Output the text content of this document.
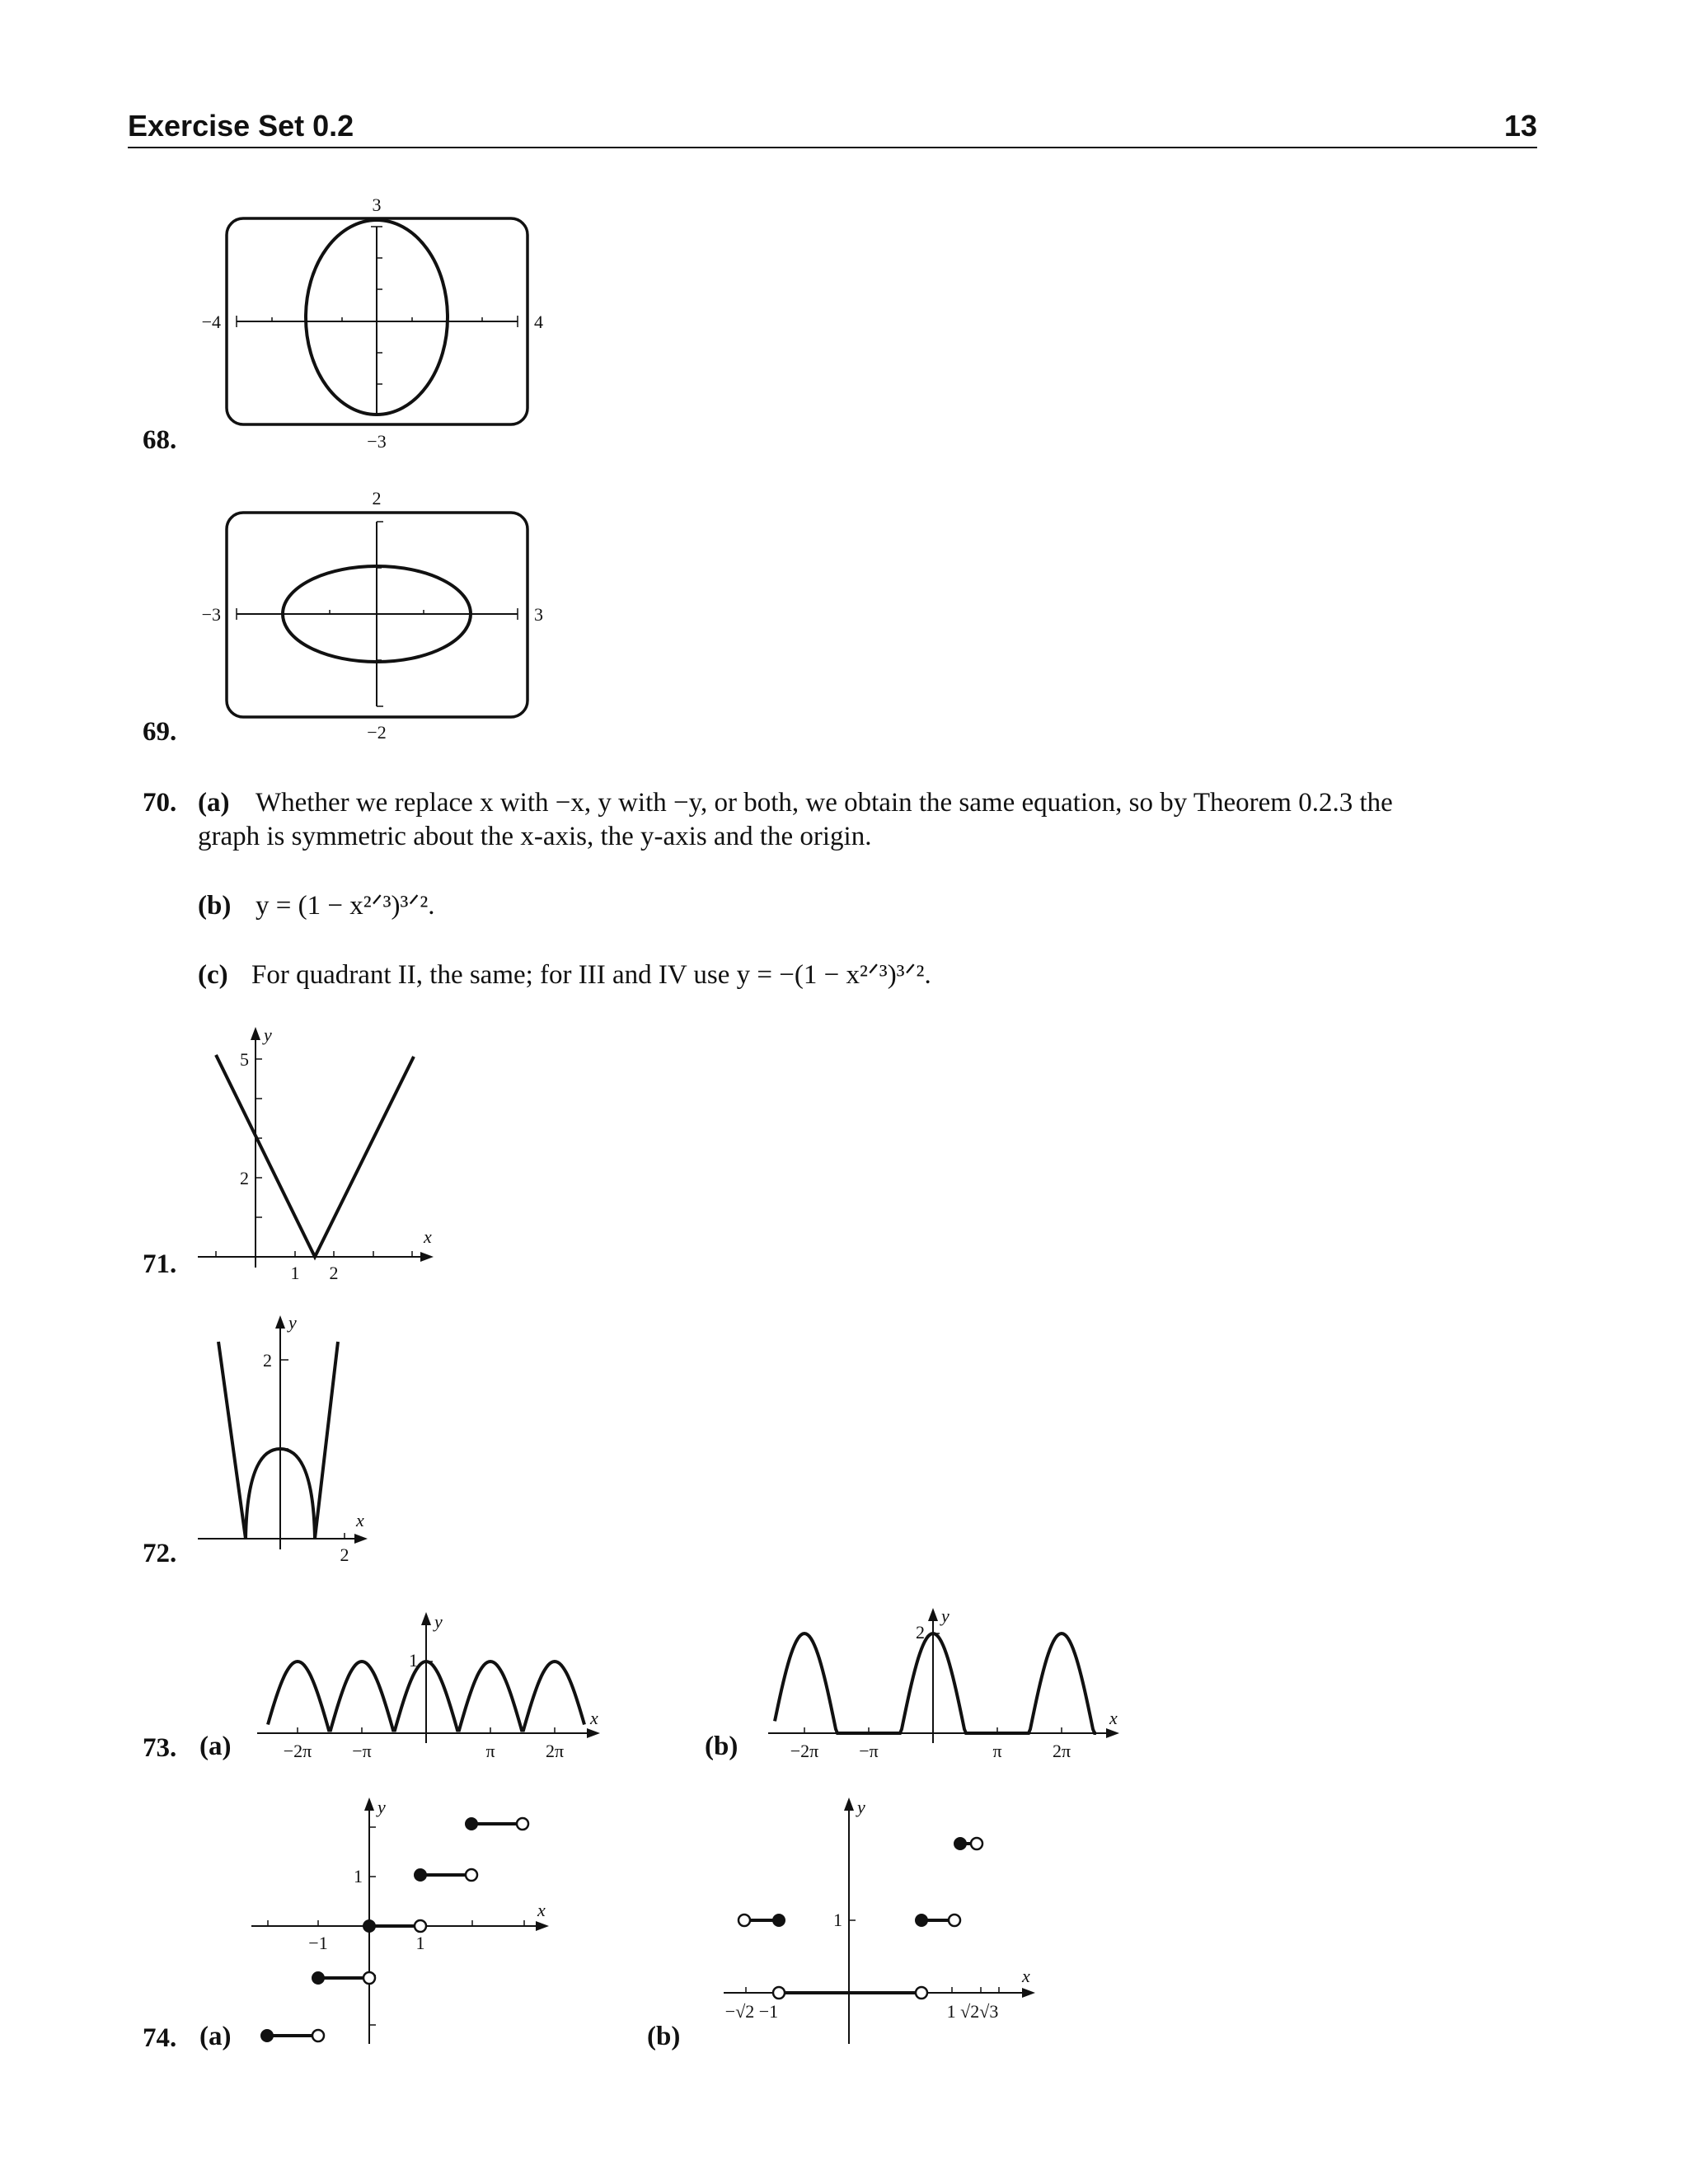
Exercise Set 0.2	13
68.
69.
71.
72.
70. (a) Whether we replace x with −x, y with −y, or both, we obtain the same equation, so by Theorem 0.2.3 the
graph is symmetric about the x-axis, the y-axis and the origin.
(b) y = (1 − x²ᐟ³)³ᐟ².
(c) For quadrant II, the same; for III and IV use y = −(1 − x²ᐟ³)³ᐟ².
73. (a)	(b)
74. (a)	(b)
3
−3
−4	4
2
−2
−3	3
y
x
5
2
1 2
y
x
2
2
y
x
1
−2π −π	π	2π
y
x
2
−2π −π	π	2π
y
x
1
−1	1
y
x
1
−√2 −1	1 √2√3
